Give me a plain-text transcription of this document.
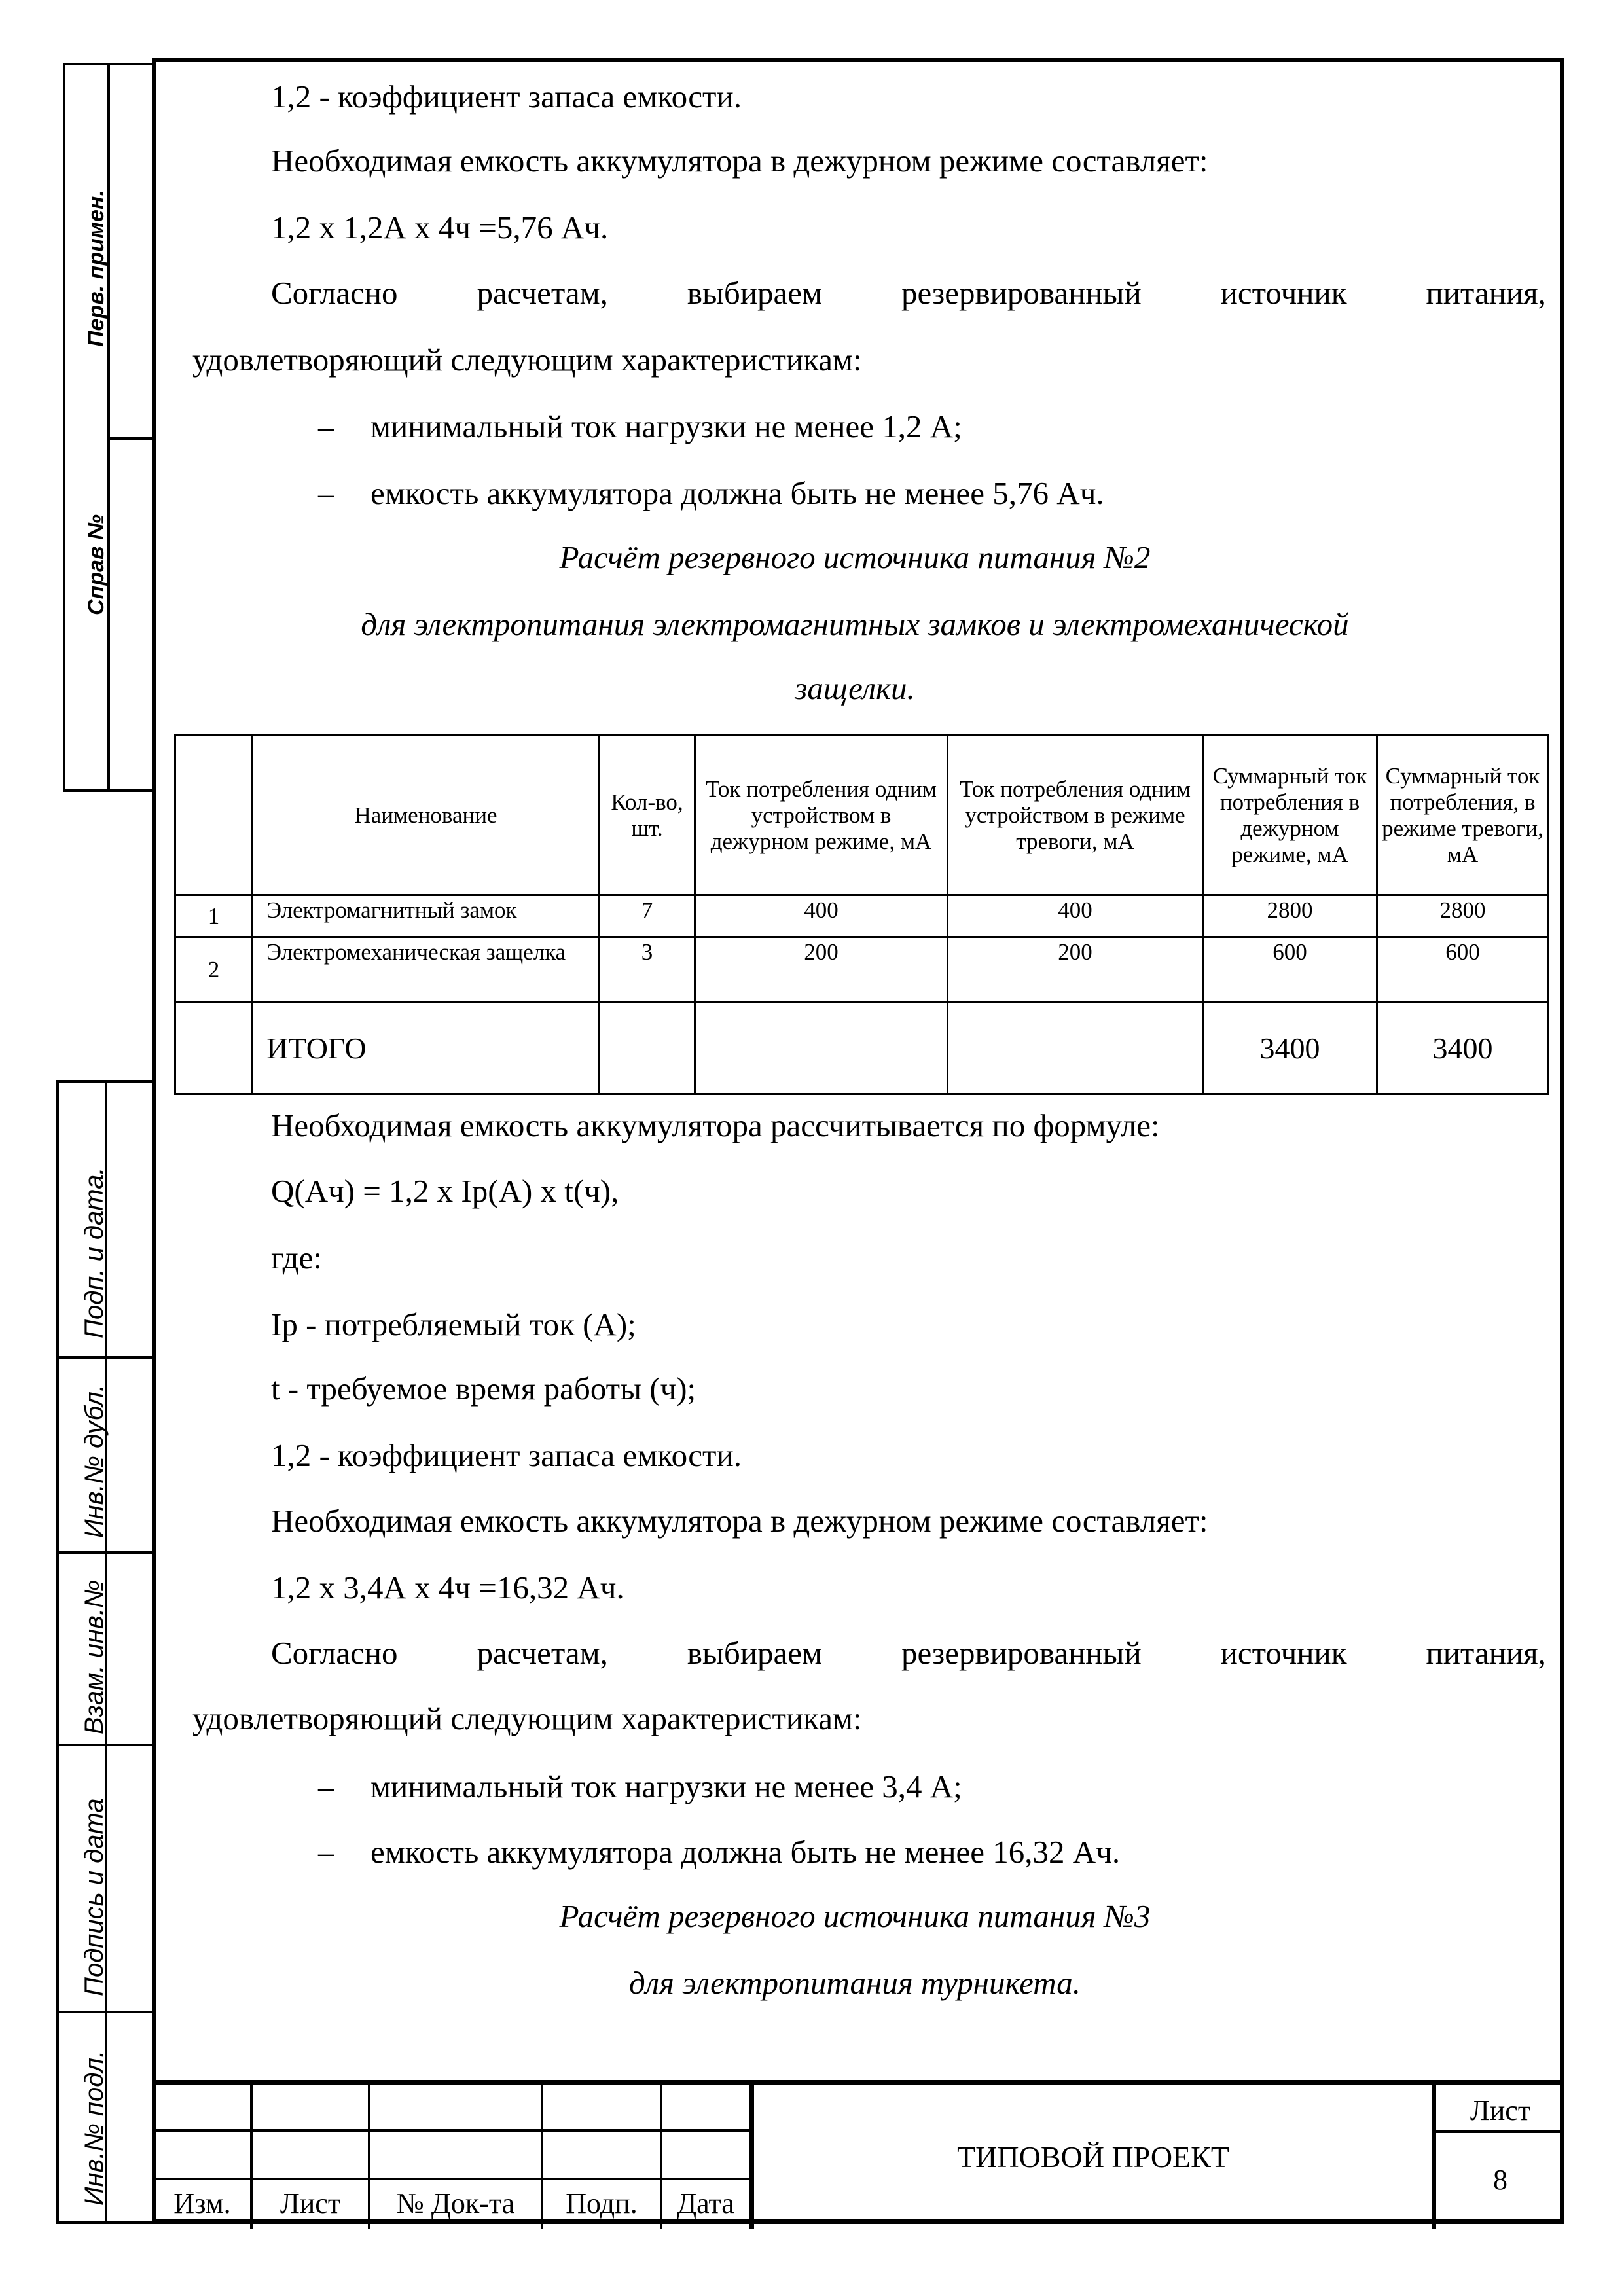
Перв. примен.
Справ №
Подп. и дата.
Инв.№ дубл.
Взам. инв.№
Подпись и дата
Инв.№ подл.
1,2 - коэффициент запаса емкости.
Необходимая емкость аккумулятора в дежурном режиме составляет:
1,2 х 1,2А х 4ч =5,76 Ач.
Согласно расчетам, выбираем резервированный источник питания,
удовлетворяющий следующим характеристикам:
– минимальный ток нагрузки не менее 1,2 А;
– емкость аккумулятора должна быть не менее 5,76 Ач.
Расчёт резервного источника питания №2
для электропитания электромагнитных замков и электромеханической
защелки.
	Наименование	Кол-во, шт.	Ток потребления одним устройством в дежурном режиме, мА	Ток потребления одним устройством в режиме тревоги, мА	Суммарный ток потребления в дежурном режиме, мА	Суммарный ток потребления, в режиме тревоги, мА
1	Электромагнитный замок	7	400	400	2800	2800
2	Электромеханическая защелка	3	200	200	600	600
	ИТОГО				3400	3400
Необходимая емкость аккумулятора рассчитывается по формуле:
Q(Ач) = 1,2 х Iр(А) х t(ч),
где:
Iр - потребляемый ток (А);
t - требуемое время работы (ч);
1,2 - коэффициент запаса емкости.
Необходимая емкость аккумулятора в дежурном режиме составляет:
1,2 х 3,4А х 4ч =16,32 Ач.
Согласно расчетам, выбираем резервированный источник питания,
удовлетворяющий следующим характеристикам:
– минимальный ток нагрузки не менее 3,4 А;
– емкость аккумулятора должна быть не менее 16,32 Ач.
Расчёт резервного источника питания №3
для электропитания турникета.
Изм.	Лист	№ Док-та	Подп.	Дата
ТИПОВОЙ ПРОЕКТ
Лист
8
